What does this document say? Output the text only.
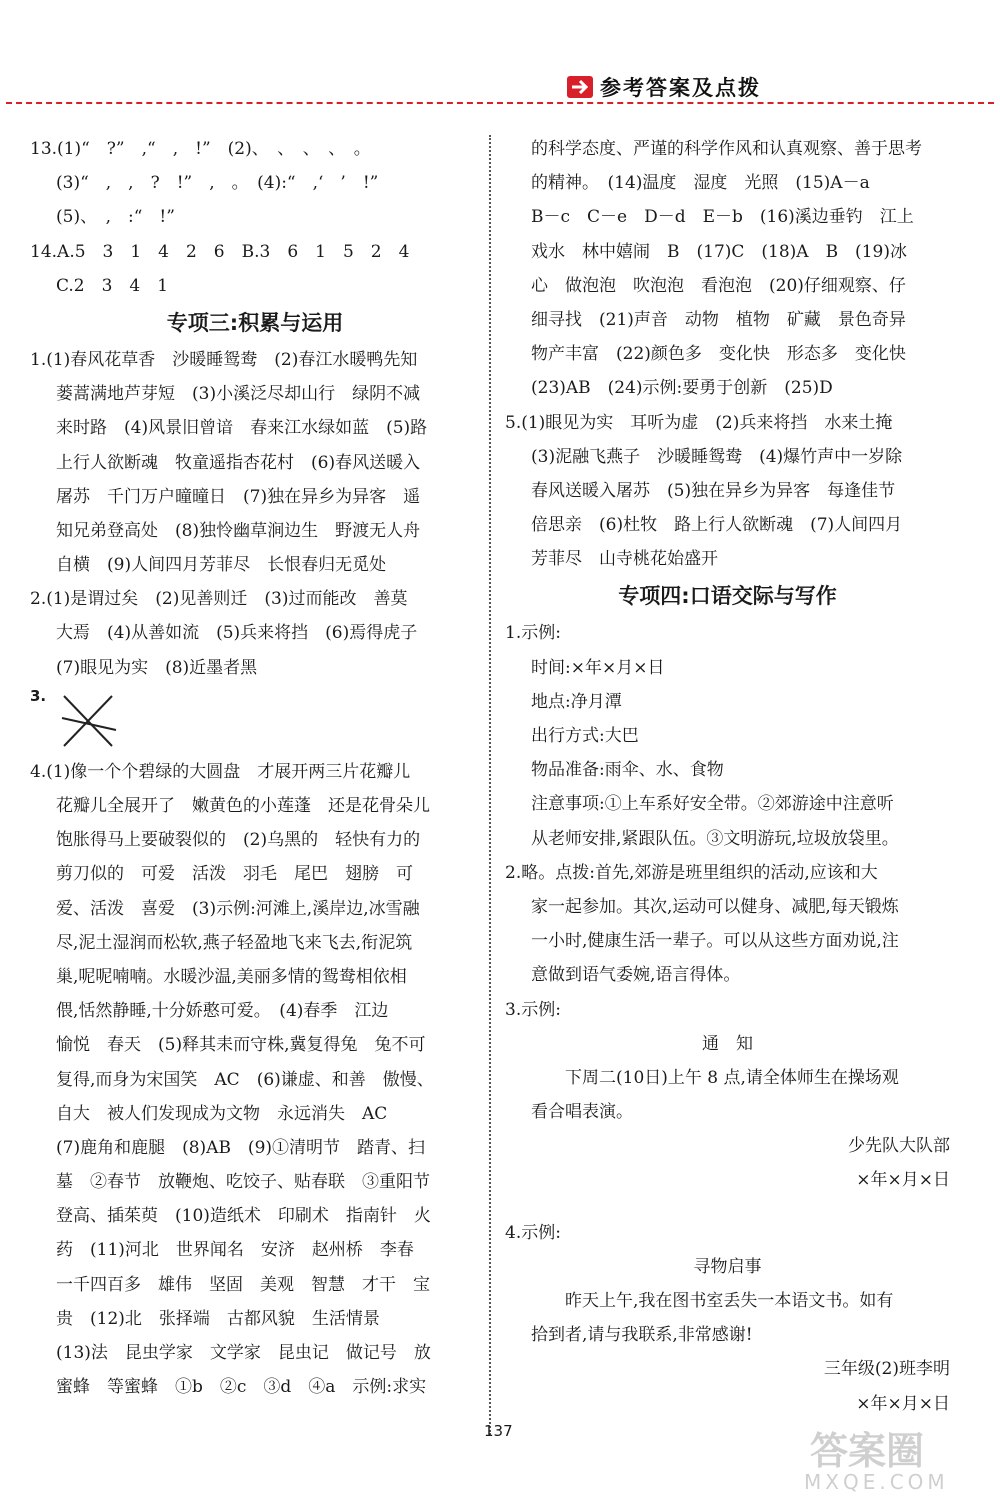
参考答案及点拨
13.(1)“　?”　,“　,　!”　(2)、　、　、　、　。
(3)“　,　,　?　!”　,　。　(4):“　,‘　’　!”
(5)、　,　:“　!”
14.A.5　3　1　4　2　6　B.3　6　1　5　2　4
C.2　3　4　1
专项三:积累与运用
1.(1)春风花草香　沙暖睡鸳鸯　(2)春江水暖鸭先知
蒌蒿满地芦芽短　(3)小溪泛尽却山行　绿阴不减
来时路　(4)风景旧曾谙　春来江水绿如蓝　(5)路
上行人欲断魂　牧童遥指杏花村　(6)春风送暖入
屠苏　千门万户曈曈日　(7)独在异乡为异客　遥
知兄弟登高处　(8)独怜幽草涧边生　野渡无人舟
自横　(9)人间四月芳菲尽　长恨春归无觅处
2.(1)是谓过矣　(2)见善则迁　(3)过而能改　善莫
大焉　(4)从善如流　(5)兵来将挡　(6)焉得虎子
(7)眼见为实　(8)近墨者黑
3.
4.(1)像一个个碧绿的大圆盘　才展开两三片花瓣儿
花瓣儿全展开了　嫩黄色的小莲蓬　还是花骨朵儿
饱胀得马上要破裂似的　(2)乌黑的　轻快有力的
剪刀似的　可爱　活泼　羽毛　尾巴　翅膀　可
爱、活泼　喜爱　(3)示例:河滩上,溪岸边,冰雪融
尽,泥土湿润而松软,燕子轻盈地飞来飞去,衔泥筑
巢,呢呢喃喃。水暖沙温,美丽多情的鸳鸯相依相
偎,恬然静睡,十分娇憨可爱。　(4)春季　江边
愉悦　春天　(5)释其耒而守株,冀复得兔　兔不可
复得,而身为宋国笑　AC　(6)谦虚、和善　傲慢、
自大　被人们发现成为文物　永远消失　AC
(7)鹿角和鹿腿　(8)AB　(9)①清明节　踏青、扫
墓　②春节　放鞭炮、吃饺子、贴春联　③重阳节
登高、插茱萸　(10)造纸术　印刷术　指南针　火
药　(11)河北　世界闻名　安济　赵州桥　李春
一千四百多　雄伟　坚固　美观　智慧　才干　宝
贵　(12)北　张择端　古都风貌　生活情景
(13)法　昆虫学家　文学家　昆虫记　做记号　放
蜜蜂　等蜜蜂　①b　②c　③d　④a　示例:求实
的科学态度、严谨的科学作风和认真观察、善于思考
的精神。　(14)温度　湿度　光照　(15)A－a
B－c　C－e　D－d　E－b　(16)溪边垂钓　江上
戏水　林中嬉闹　B　(17)C　(18)A　B　(19)冰
心　做泡泡　吹泡泡　看泡泡　(20)仔细观察、仔
细寻找　(21)声音　动物　植物　矿藏　景色奇异
物产丰富　(22)颜色多　变化快　形态多　变化快
(23)AB　(24)示例:要勇于创新　(25)D
5.(1)眼见为实　耳听为虚　(2)兵来将挡　水来土掩
(3)泥融飞燕子　沙暖睡鸳鸯　(4)爆竹声中一岁除
春风送暖入屠苏　(5)独在异乡为异客　每逢佳节
倍思亲　(6)杜牧　路上行人欲断魂　(7)人间四月
芳菲尽　山寺桃花始盛开
专项四:口语交际与写作
1.示例:
时间:×年×月×日
地点:净月潭
出行方式:大巴
物品准备:雨伞、水、食物
注意事项:①上车系好安全带。②郊游途中注意听
从老师安排,紧跟队伍。③文明游玩,垃圾放袋里。
2.略。点拨:首先,郊游是班里组织的活动,应该和大
家一起参加。其次,运动可以健身、减肥,每天锻炼
一小时,健康生活一辈子。可以从这些方面劝说,注
意做到语气委婉,语言得体。
3.示例:
通　知
下周二(10日)上午 8 点,请全体师生在操场观
看合唱表演。
少先队大队部
×年×月×日
4.示例:
寻物启事
昨天上午,我在图书室丢失一本语文书。如有
拾到者,请与我联系,非常感谢!
三年级(2)班李明
×年×月×日
137	答案圈
MXQE.COM
